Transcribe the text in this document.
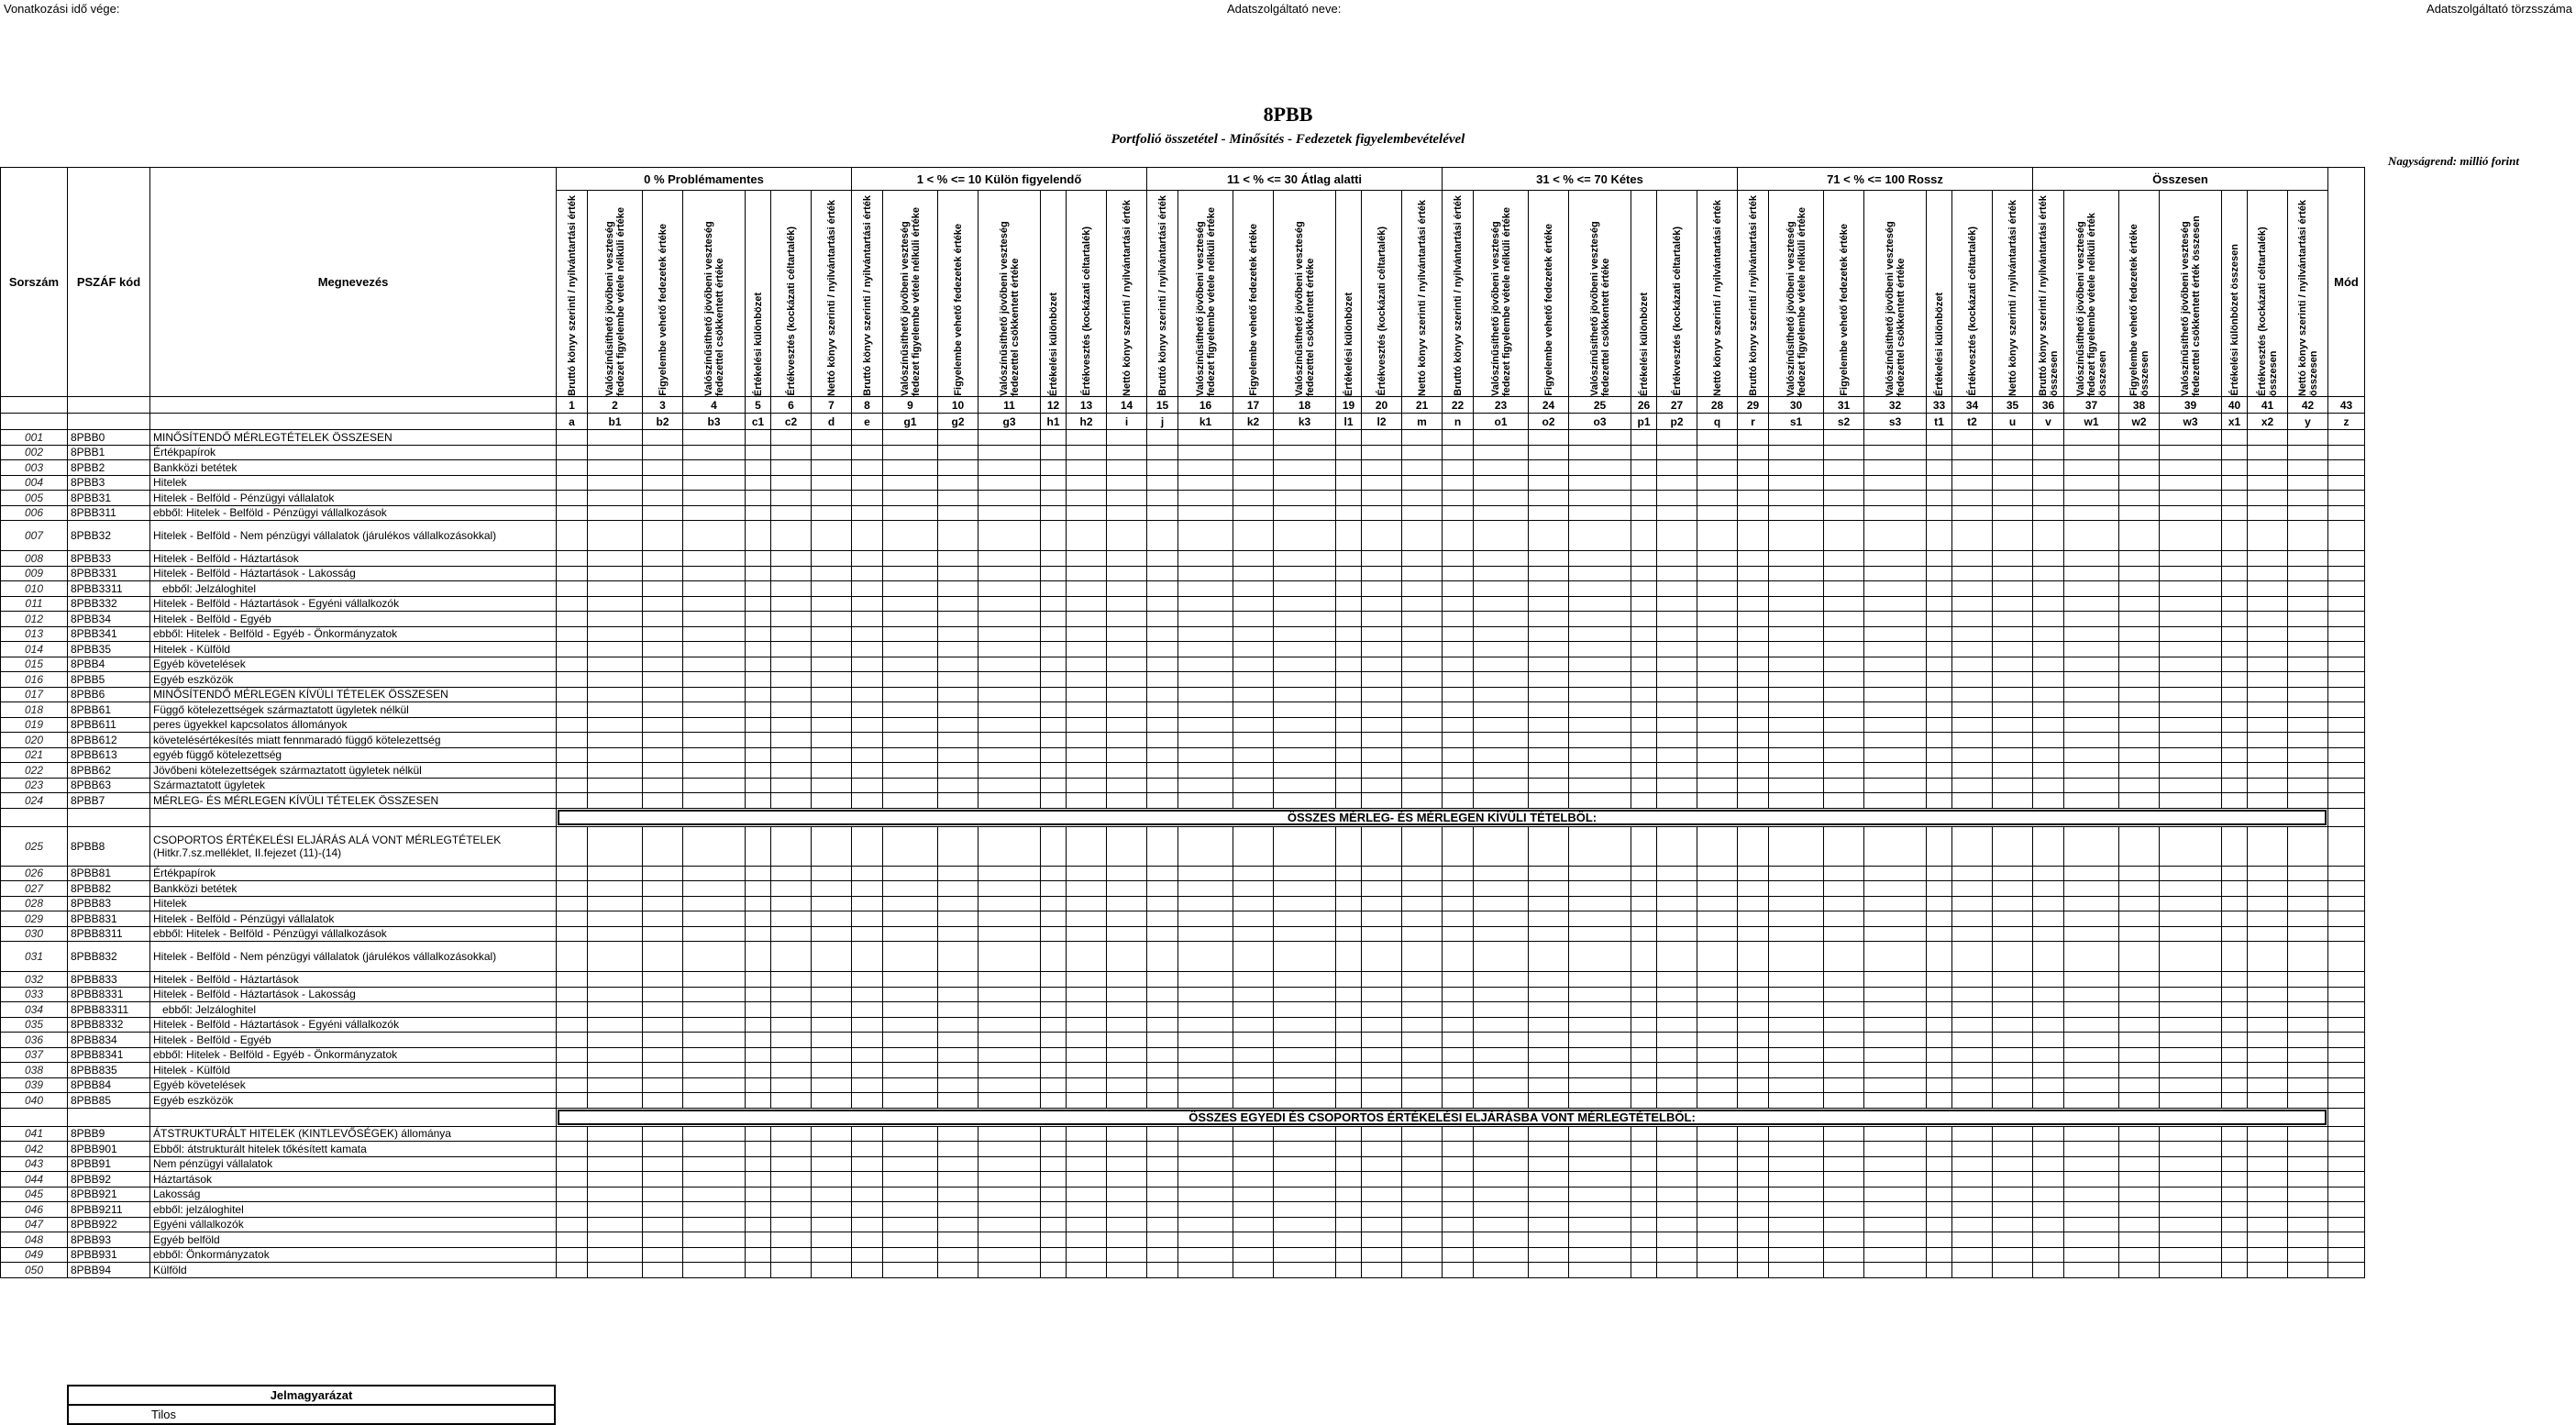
Vonatkozási idő vége:	Adatszolgáltató neve:	Adatszolgáltató törzsszáma
8PBB
Portfolió összetétel - Minősítés - Fedezetek figyelembevételével
Nagyságrend: millió forint
Sorszám	PSZÁF kód	Megnevezés	0 % Problémamentes							1 < % <= 10 Külön figyelendő							11 < % <= 30 Átlag alatti							31 < % <= 70 Kétes							71 < % <= 100 Rossz							Összesen							Mód

			Bruttó könyv szerinti / nyilvántartási érték	Valószínűsíthető jövőbeni veszteség fedezet figyelembe vétele nélküli értéke	Figyelembe vehető fedezetek értéke	Valószínűsíthető jövőbeni veszteség fedezettel csökkentett értéke	Értékelési különbözet	Értékvesztés (kockázati céltartalék)	Nettó könyv szerinti / nyilvántartási érték	Bruttó könyv szerinti / nyilvántartási érték	Valószínűsíthető jövőbeni veszteség fedezet figyelembe vétele nélküli értéke	Figyelembe vehető fedezetek értéke	Valószínűsíthető jövőbeni veszteség fedezettel csökkentett értéke	Értékelési különbözet	Értékvesztés (kockázati céltartalék)	Nettó könyv szerinti / nyilvántartási érték	Bruttó könyv szerinti / nyilvántartási érték	Valószínűsíthető jövőbeni veszteség fedezet figyelembe vétele nélküli értéke	Figyelembe vehető fedezetek értéke	Valószínűsíthető jövőbeni veszteség fedezettel csökkentett értéke	Értékelési különbözet	Értékvesztés (kockázati céltartalék)	Nettó könyv szerinti / nyilvántartási érték	Bruttó könyv szerinti / nyilvántartási érték	Valószínűsíthető jövőbeni veszteség fedezet figyelembe vétele nélküli értéke	Figyelembe vehető fedezetek értéke	Valószínűsíthető jövőbeni veszteség fedezettel csökkentett értéke	Értékelési különbözet	Értékvesztés (kockázati céltartalék)	Nettó könyv szerinti / nyilvántartási érték	Bruttó könyv szerinti / nyilvántartási érték	Valószínűsíthető jövőbeni veszteség fedezet figyelembe vétele nélküli értéke	Figyelembe vehető fedezetek értéke	Valószínűsíthető jövőbeni veszteség fedezettel csökkentett értéke	Értékelési különbözet	Értékvesztés (kockázati céltartalék)	Nettó könyv szerinti / nyilvántartási érték	Bruttó könyv szerinti / nyilvántartási érték összesen	Valószínűsíthető jövőbeni veszteség fedezet figyelembe vétele nélküli érték összesen	Figyelembe vehető fedezetek értéke összesen	Valószínűsíthető jövőbeni veszteség fedezettel csökkentett érték összesen	Értékelési különbözet összesen	Értékvesztés (kockázati céltartalék) összesen	Nettó könyv szerinti / nyilvántartási érték összesen	

			1	2	3	4	5	6	7	8	9	10	11	12	13	14	15	16	17	18	19	20	21	22	23	24	25	26	27	28	29	30	31	32	33	34	35	36	37	38	39	40	41	42	43
			a	b1	b2	b3	c1	c2	d	e	g1	g2	g3	h1	h2	i	j	k1	k2	k3	l1	l2	m	n	o1	o2	o3	p1	p2	q	r	s1	s2	s3	t1	t2	u	v	w1	w2	w3	x1	x2	y	z
001	8PBB0	MINŐSÍTENDŐ MÉRLEGTÉTELEK ÖSSZESEN																																											
002	8PBB1	Értékpapírok																																											
003	8PBB2	Bankközi betétek																																											
004	8PBB3	Hitelek																																											
005	8PBB31	Hitelek - Belföld - Pénzügyi vállalatok																																											
006	8PBB311	ebből: Hitelek - Belföld - Pénzügyi vállalkozások																																											
007	8PBB32	Hitelek - Belföld - Nem pénzügyi vállalatok (járulékos vállalkozásokkal)																																											
008	8PBB33	Hitelek - Belföld - Háztartások																																											
009	8PBB331	Hitelek - Belföld - Háztartások - Lakosság																																											
010	8PBB3311	ebből: Jelzáloghitel																																											
011	8PBB332	Hitelek - Belföld - Háztartások - Egyéni vállalkozók																																											
012	8PBB34	Hitelek - Belföld - Egyéb																																											
013	8PBB341	ebből: Hitelek - Belföld - Egyéb - Önkormányzatok																																											
014	8PBB35	Hitelek - Külföld																																											
015	8PBB4	Egyéb követelések																																											
016	8PBB5	Egyéb eszközök																																											
017	8PBB6	MINŐSÍTENDŐ MÉRLEGEN KÍVÜLI TÉTELEK ÖSSZESEN																																											
018	8PBB61	Függő kötelezettségek származtatott ügyletek nélkül																																											
019	8PBB611	peres ügyekkel kapcsolatos állományok																																											
020	8PBB612	követelésértékesítés miatt fennmaradó függő kötelezettség																																											
021	8PBB613	egyéb függő kötelezettség																																											
022	8PBB62	Jövőbeni kötelezettségek származtatott ügyletek nélkül																																											
023	8PBB63	Származtatott ügyletek																																											
024	8PBB7	MÉRLEG- ÉS MÉRLEGEN KÍVÜLI TÉTELEK ÖSSZESEN																																											

			ÖSSZES MÉRLEG- ÉS MÉRLEGEN KÍVÜLI TÉTELBŐL:																																										

025	8PBB8	CSOPORTOS ÉRTÉKELÉSI ELJÁRÁS ALÁ VONT MÉRLEGTÉTELEK (Hitkr.7.sz.melléklet, II.fejezet (11)-(14)																																											
026	8PBB81	Értékpapírok																																											
027	8PBB82	Bankközi betétek																																											
028	8PBB83	Hitelek																																											
029	8PBB831	Hitelek - Belföld - Pénzügyi vállalatok																																											
030	8PBB8311	ebből: Hitelek - Belföld - Pénzügyi vállalkozások																																											
031	8PBB832	Hitelek - Belföld - Nem pénzügyi vállalatok (járulékos vállalkozásokkal)																																											
032	8PBB833	Hitelek - Belföld - Háztartások																																											
033	8PBB8331	Hitelek - Belföld - Háztartások - Lakosság																																											
034	8PBB83311	ebből: Jelzáloghitel																																											
035	8PBB8332	Hitelek - Belföld - Háztartások - Egyéni vállalkozók																																											
036	8PBB834	Hitelek - Belföld - Egyéb																																											
037	8PBB8341	ebből: Hitelek - Belföld - Egyéb - Önkormányzatok																																											
038	8PBB835	Hitelek - Külföld																																											
039	8PBB84	Egyéb követelések																																											
040	8PBB85	Egyéb eszközök																																											

			ÖSSZES EGYEDI ÉS CSOPORTOS ÉRTÉKELÉSI ELJÁRÁSBA VONT MÉRLEGTÉTELBŐL:																																										

041	8PBB9	ÁTSTRUKTURÁLT HITELEK (KINTLEVŐSÉGEK) állománya																																											
042	8PBB901	Ebből: átstrukturált hitelek tőkésített kamata																																											
043	8PBB91	Nem pénzügyi vállalatok																																											
044	8PBB92	Háztartások																																											
045	8PBB921	Lakosság																																											
046	8PBB9211	ebből: jelzáloghitel																																											
047	8PBB922	Egyéni vállalkozók																																											
048	8PBB93	Egyéb belföld																																											
049	8PBB931	ebből: Önkormányzatok																																											
050	8PBB94	Külföld																																											
Jelmagyarázat
Tilos
